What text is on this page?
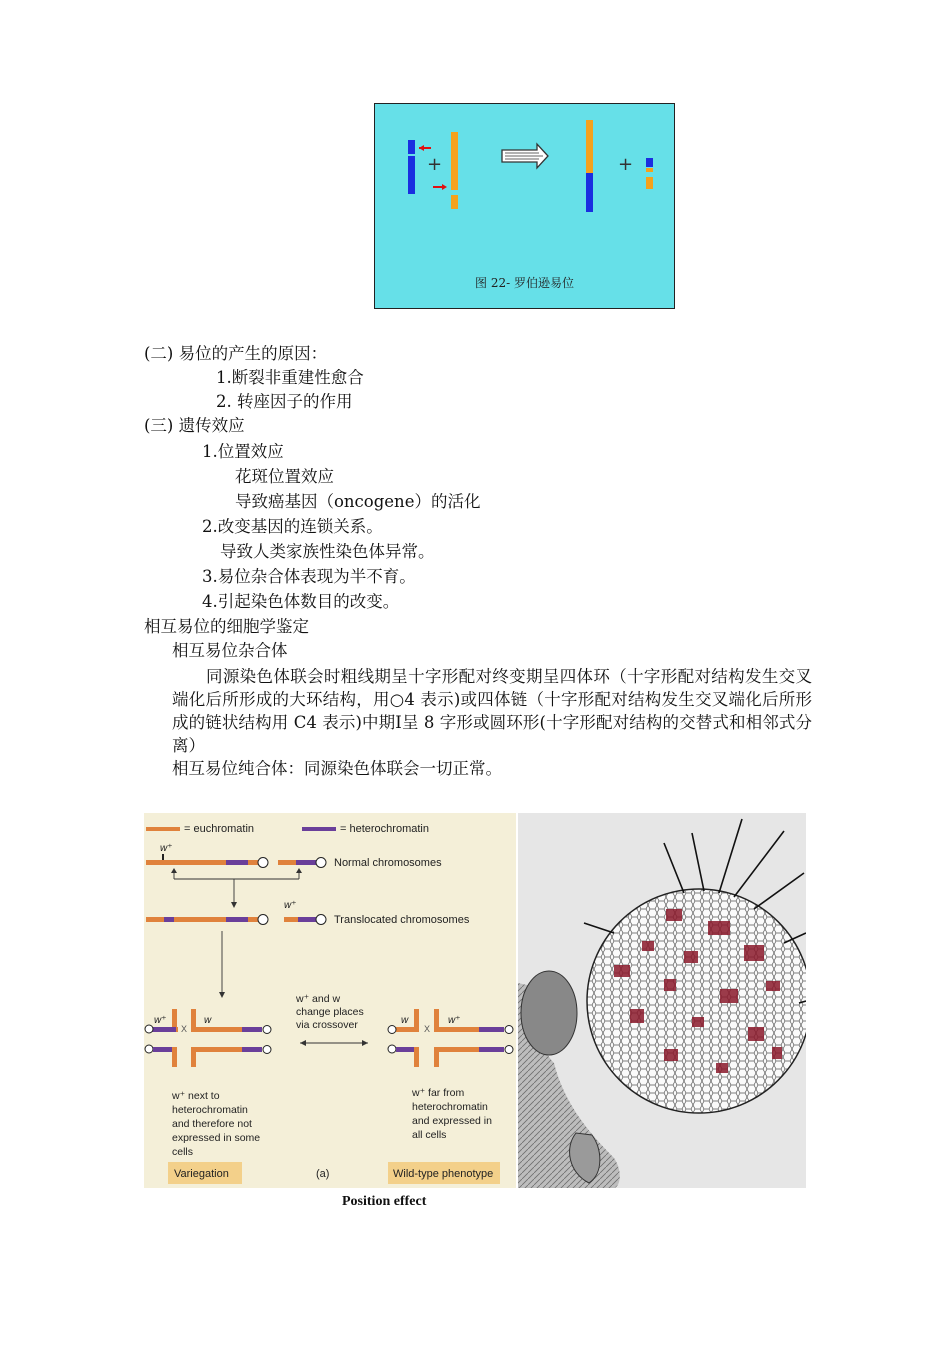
+	+
图 22- 罗伯逊易位
(二) 易位的产生的原因：
1.断裂非重建性愈合
2. 转座因子的作用
(三) 遗传效应
1.位置效应
花斑位置效应
导致癌基因（oncogene）的活化
2.改变基因的连锁关系。
导致人类家族性染色体异常。
3.易位杂合体表现为半不育。
4.引起染色体数目的改变。
相互易位的细胞学鉴定
相互易位杂合体
同源染色体联会时粗线期呈十字形配对终变期呈四体环（十字形配对结构发生交叉端化后所形成的大环结构，用○4 表示)或四体链（十字形配对结构发生交叉端化后所形成的链状结构用 C4 表示)中期Ⅰ呈 8 字形或圆环形(十字形配对结构的交替式和相邻式分离）
相互易位纯合体：同源染色体联会一切正常。
= euchromatin	= heterochromatin
w⁺
Normal chromosomes
w⁺
Translocated chromosomes
w⁺ and w
change places
via crossover
w⁺
X
w	w
X
w⁺
w⁺ next to
heterochromatin
and therefore not
expressed in some
cells
w⁺ far from
heterochromatin
and expressed in
all cells
Variegation	(a)	Wild-type phenotype
Position effect
